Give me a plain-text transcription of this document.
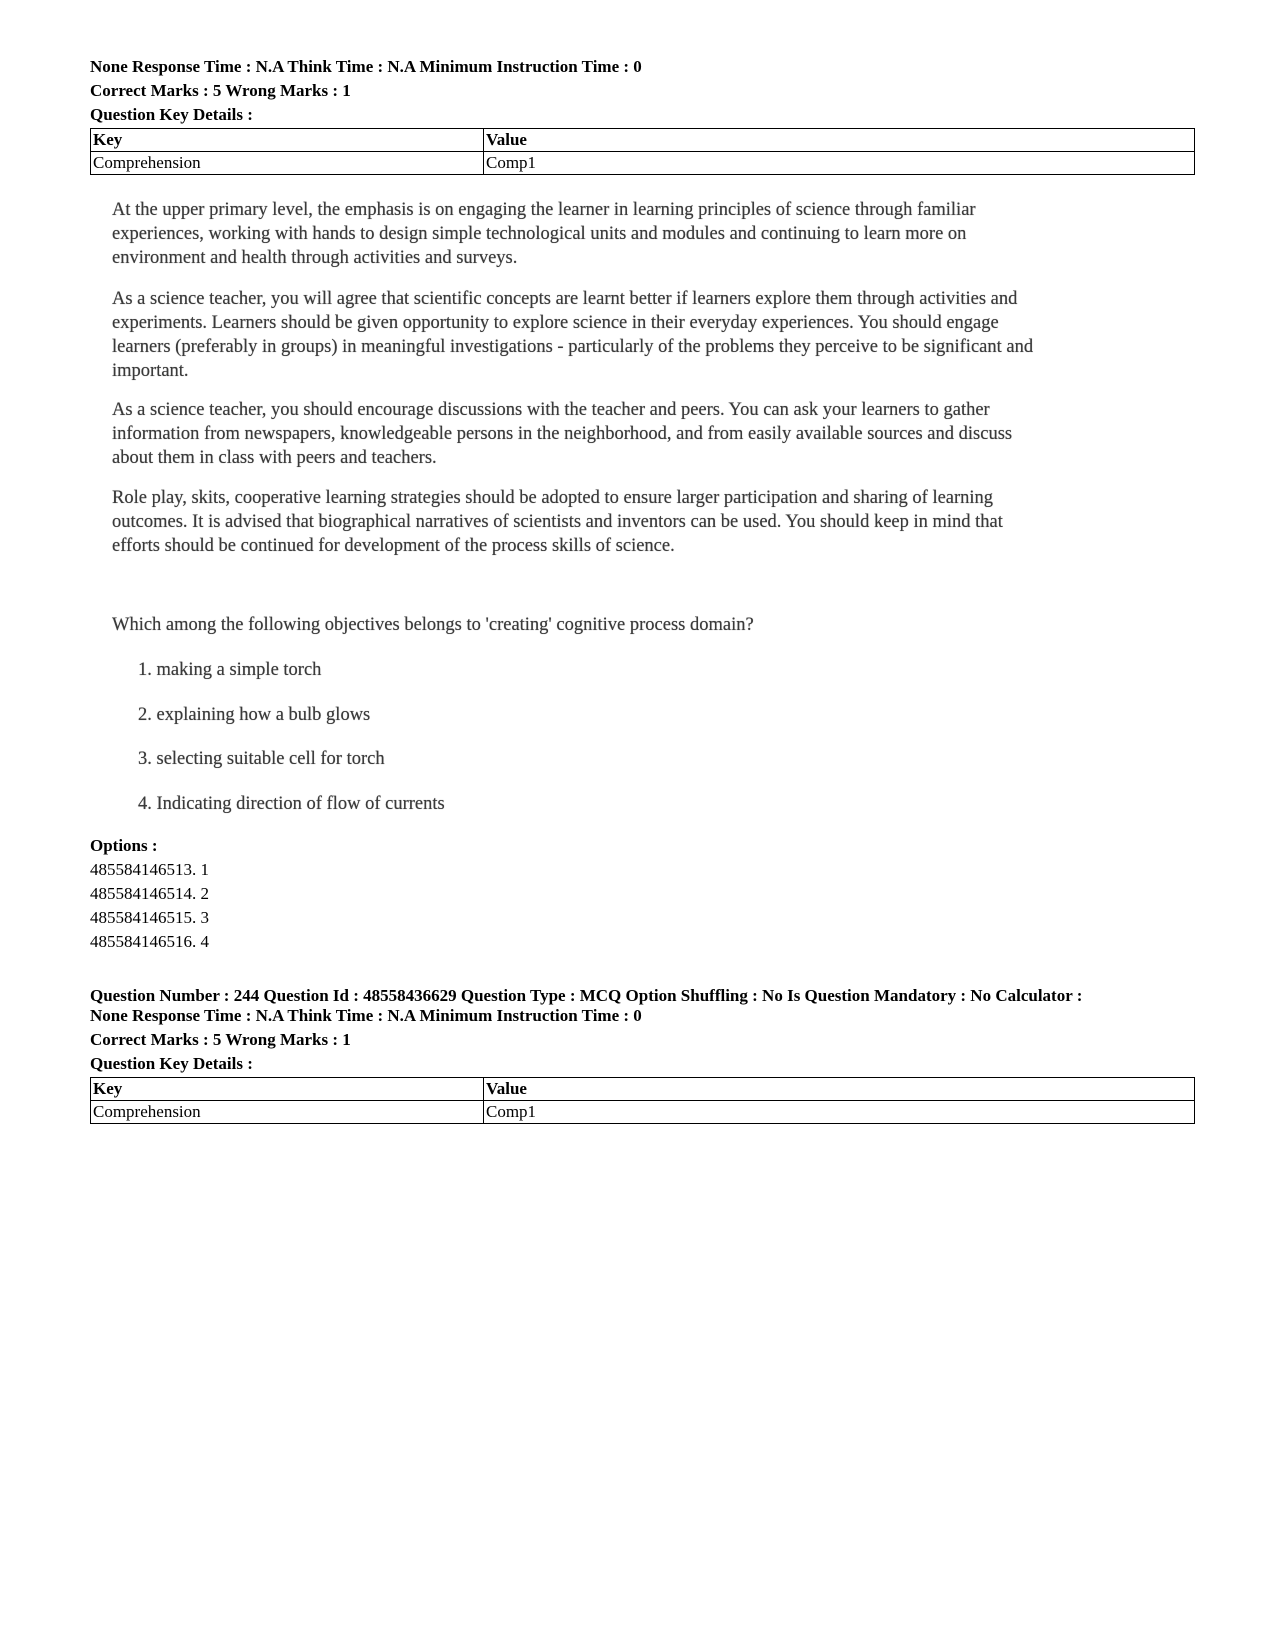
None Response Time : N.A Think Time : N.A Minimum Instruction Time : 0
Correct Marks : 5 Wrong Marks : 1
Question Key Details :
Key	Value
Comprehension	Comp1

At the upper primary level, the emphasis is on engaging the learner in learning principles of science through familiar experiences, working with hands to design simple technological units and modules and continuing to learn more on environment and health through activities and surveys.

As a science teacher, you will agree that scientific concepts are learnt better if learners explore them through activities and experiments. Learners should be given opportunity to explore science in their everyday experiences. You should engage learners (preferably in groups) in meaningful investigations - particularly of the problems they perceive to be significant and important.

As a science teacher, you should encourage discussions with the teacher and peers. You can ask your learners to gather information from newspapers, knowledgeable persons in the neighborhood, and from easily available sources and discuss about them in class with peers and teachers.

Role play, skits, cooperative learning strategies should be adopted to ensure larger participation and sharing of learning outcomes. It is advised that biographical narratives of scientists and inventors can be used. You should keep in mind that efforts should be continued for development of the process skills of science.

Which among the following objectives belongs to 'creating' cognitive process domain?
1. making a simple torch
2. explaining how a bulb glows
3. selecting suitable cell for torch
4. Indicating direction of flow of currents
Options :
485584146513. 1
485584146514. 2
485584146515. 3
485584146516. 4
Question Number : 244 Question Id : 48558436629 Question Type : MCQ Option Shuffling : No Is Question Mandatory : No Calculator :
None Response Time : N.A Think Time : N.A Minimum Instruction Time : 0
Correct Marks : 5 Wrong Marks : 1
Question Key Details :
Key	Value
Comprehension	Comp1
